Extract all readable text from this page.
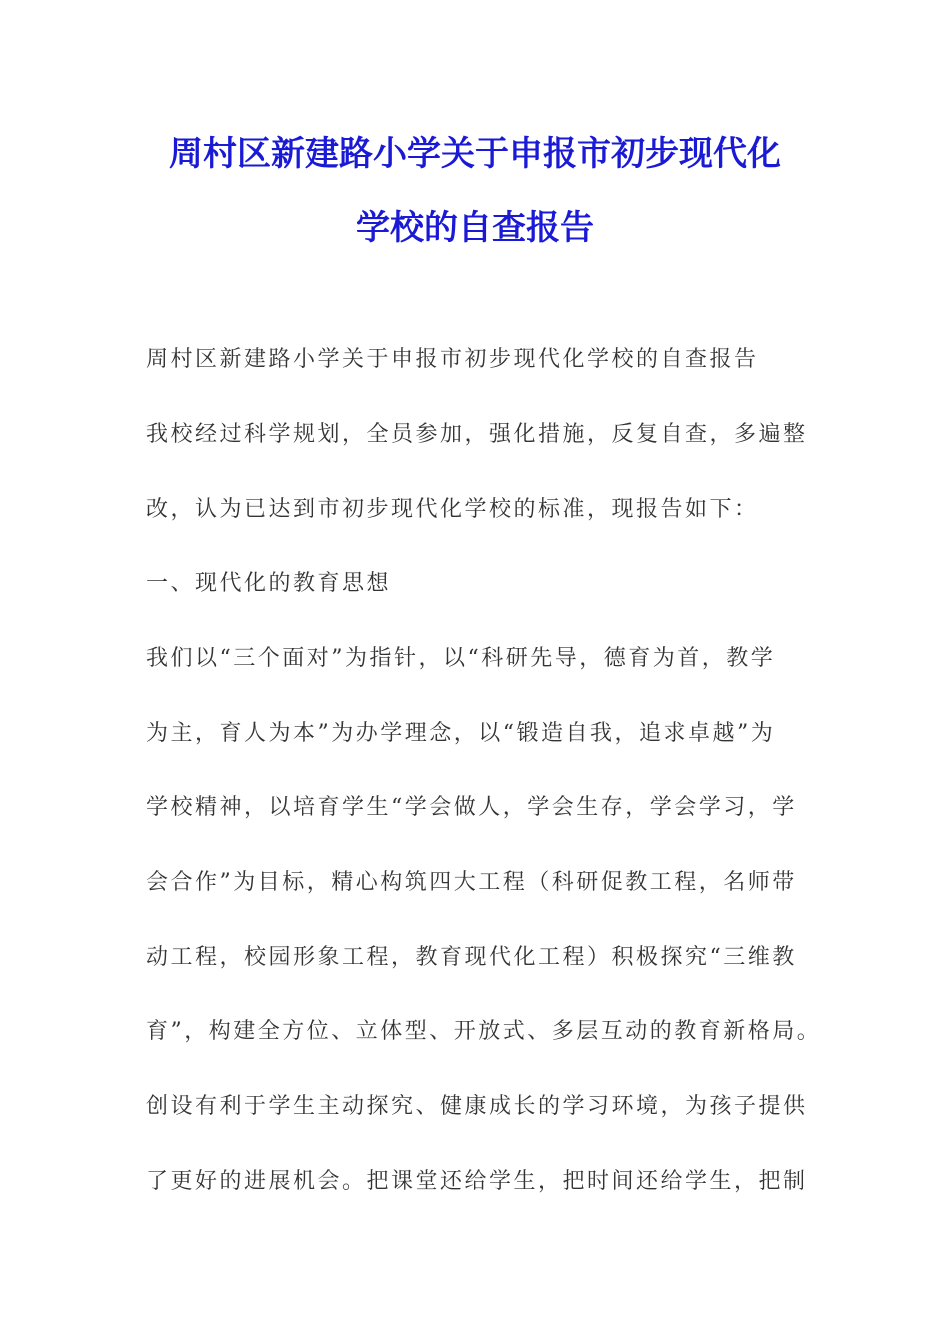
周村区新建路小学关于申报市初步现代化
学校的自查报告
周村区新建路小学关于申报市初步现代化学校的自查报告
我校经过科学规划，全员参加，强化措施，反复自查，多遍整
改，认为已达到市初步现代化学校的标准，现报告如下：
一、现代化的教育思想
我们以“三个面对”为指针，以“科研先导，德育为首，教学
为主，育人为本”为办学理念，以“锻造自我，追求卓越”为
学校精神，以培育学生“学会做人，学会生存，学会学习，学
会合作”为目标，精心构筑四大工程（科研促教工程，名师带
动工程，校园形象工程，教育现代化工程）积极探究“三维教
育”，构建全方位、立体型、开放式、多层互动的教育新格局。
创设有利于学生主动探究、健康成长的学习环境，为孩子提供
了更好的进展机会。把课堂还给学生，把时间还给学生，把制
